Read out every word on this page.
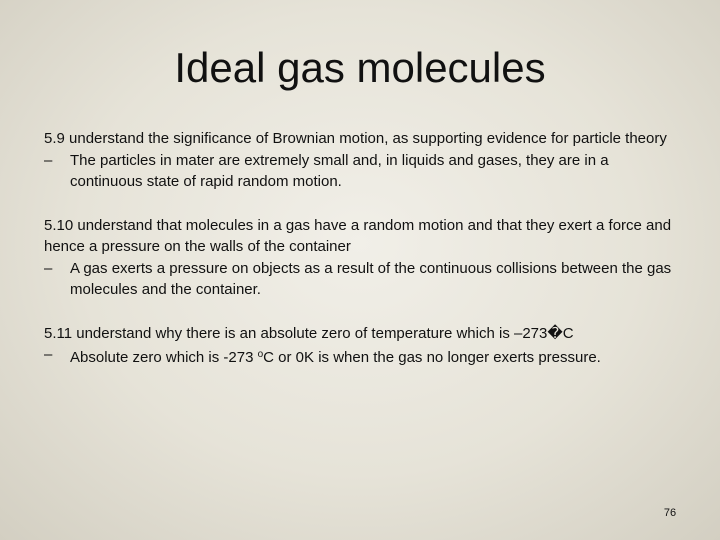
Ideal gas molecules
5.9 understand the significance of Brownian motion, as supporting evidence for particle theory
–	The particles in mater are extremely small and, in liquids and gases, they are in a continuous state of rapid random motion.
5.10 understand that molecules in a gas have a random motion and that they exert a force and hence a pressure on the walls of the container
–	A gas exerts a pressure on objects as a result of the continuous collisions between the gas molecules and the container.
5.11 understand why there is an absolute zero of temperature which is –273�C
–	Absolute zero which is -273 $^o$C or 0K is when the gas no longer exerts pressure.
76
